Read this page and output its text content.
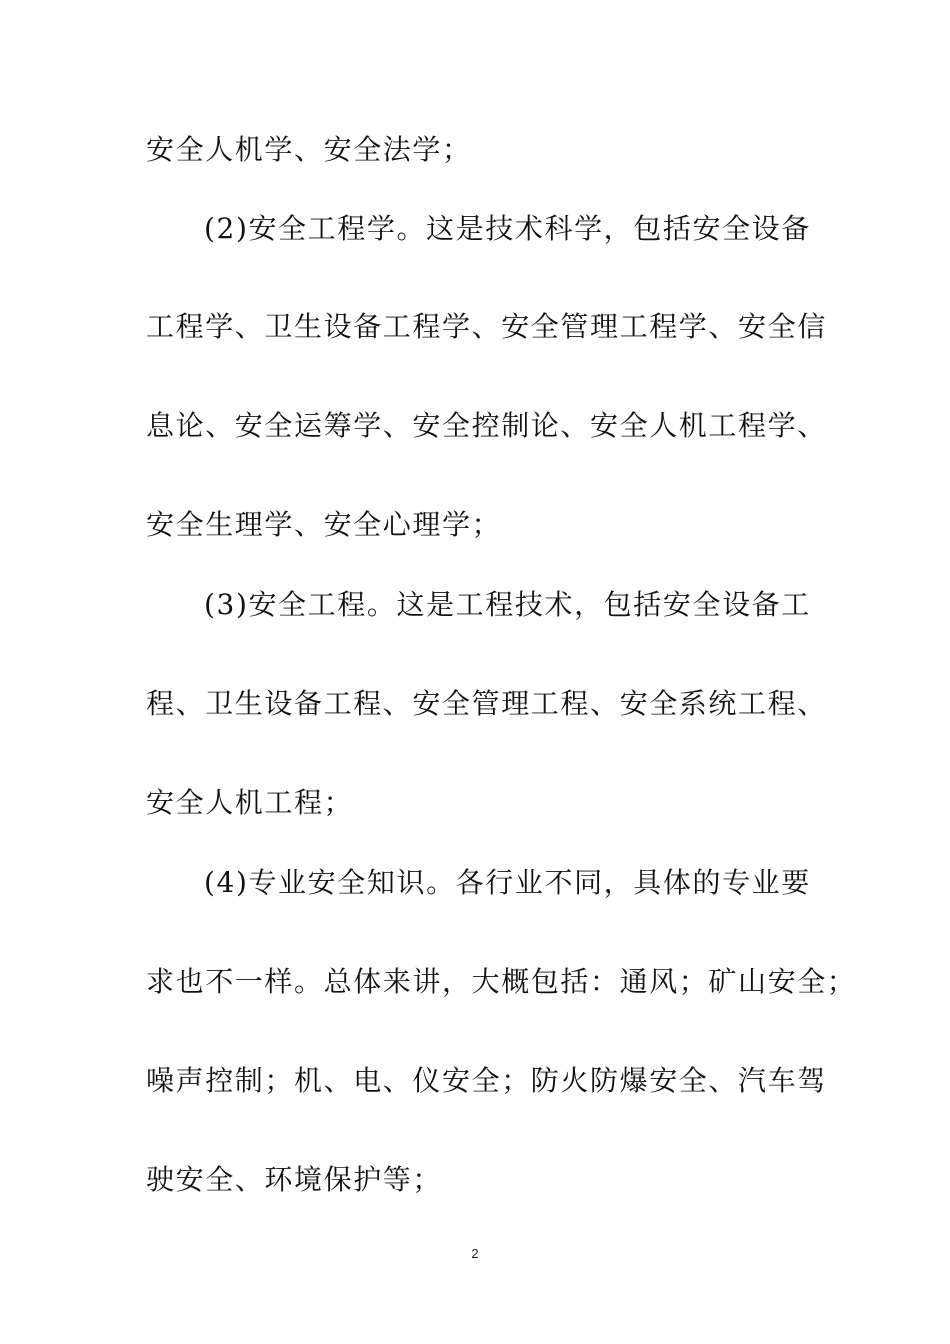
安全人机学、安全法学；
(2)安全工程学。这是技术科学，包括安全设备
工程学、卫生设备工程学、安全管理工程学、安全信
息论、安全运筹学、安全控制论、安全人机工程学、
安全生理学、安全心理学；
(3)安全工程。这是工程技术，包括安全设备工
程、卫生设备工程、安全管理工程、安全系统工程、
安全人机工程；
(4)专业安全知识。各行业不同，具体的专业要
求也不一样。总体来讲，大概包括：通风；矿山安全；
噪声控制；机、电、仪安全；防火防爆安全、汽车驾
驶安全、环境保护等；
2
